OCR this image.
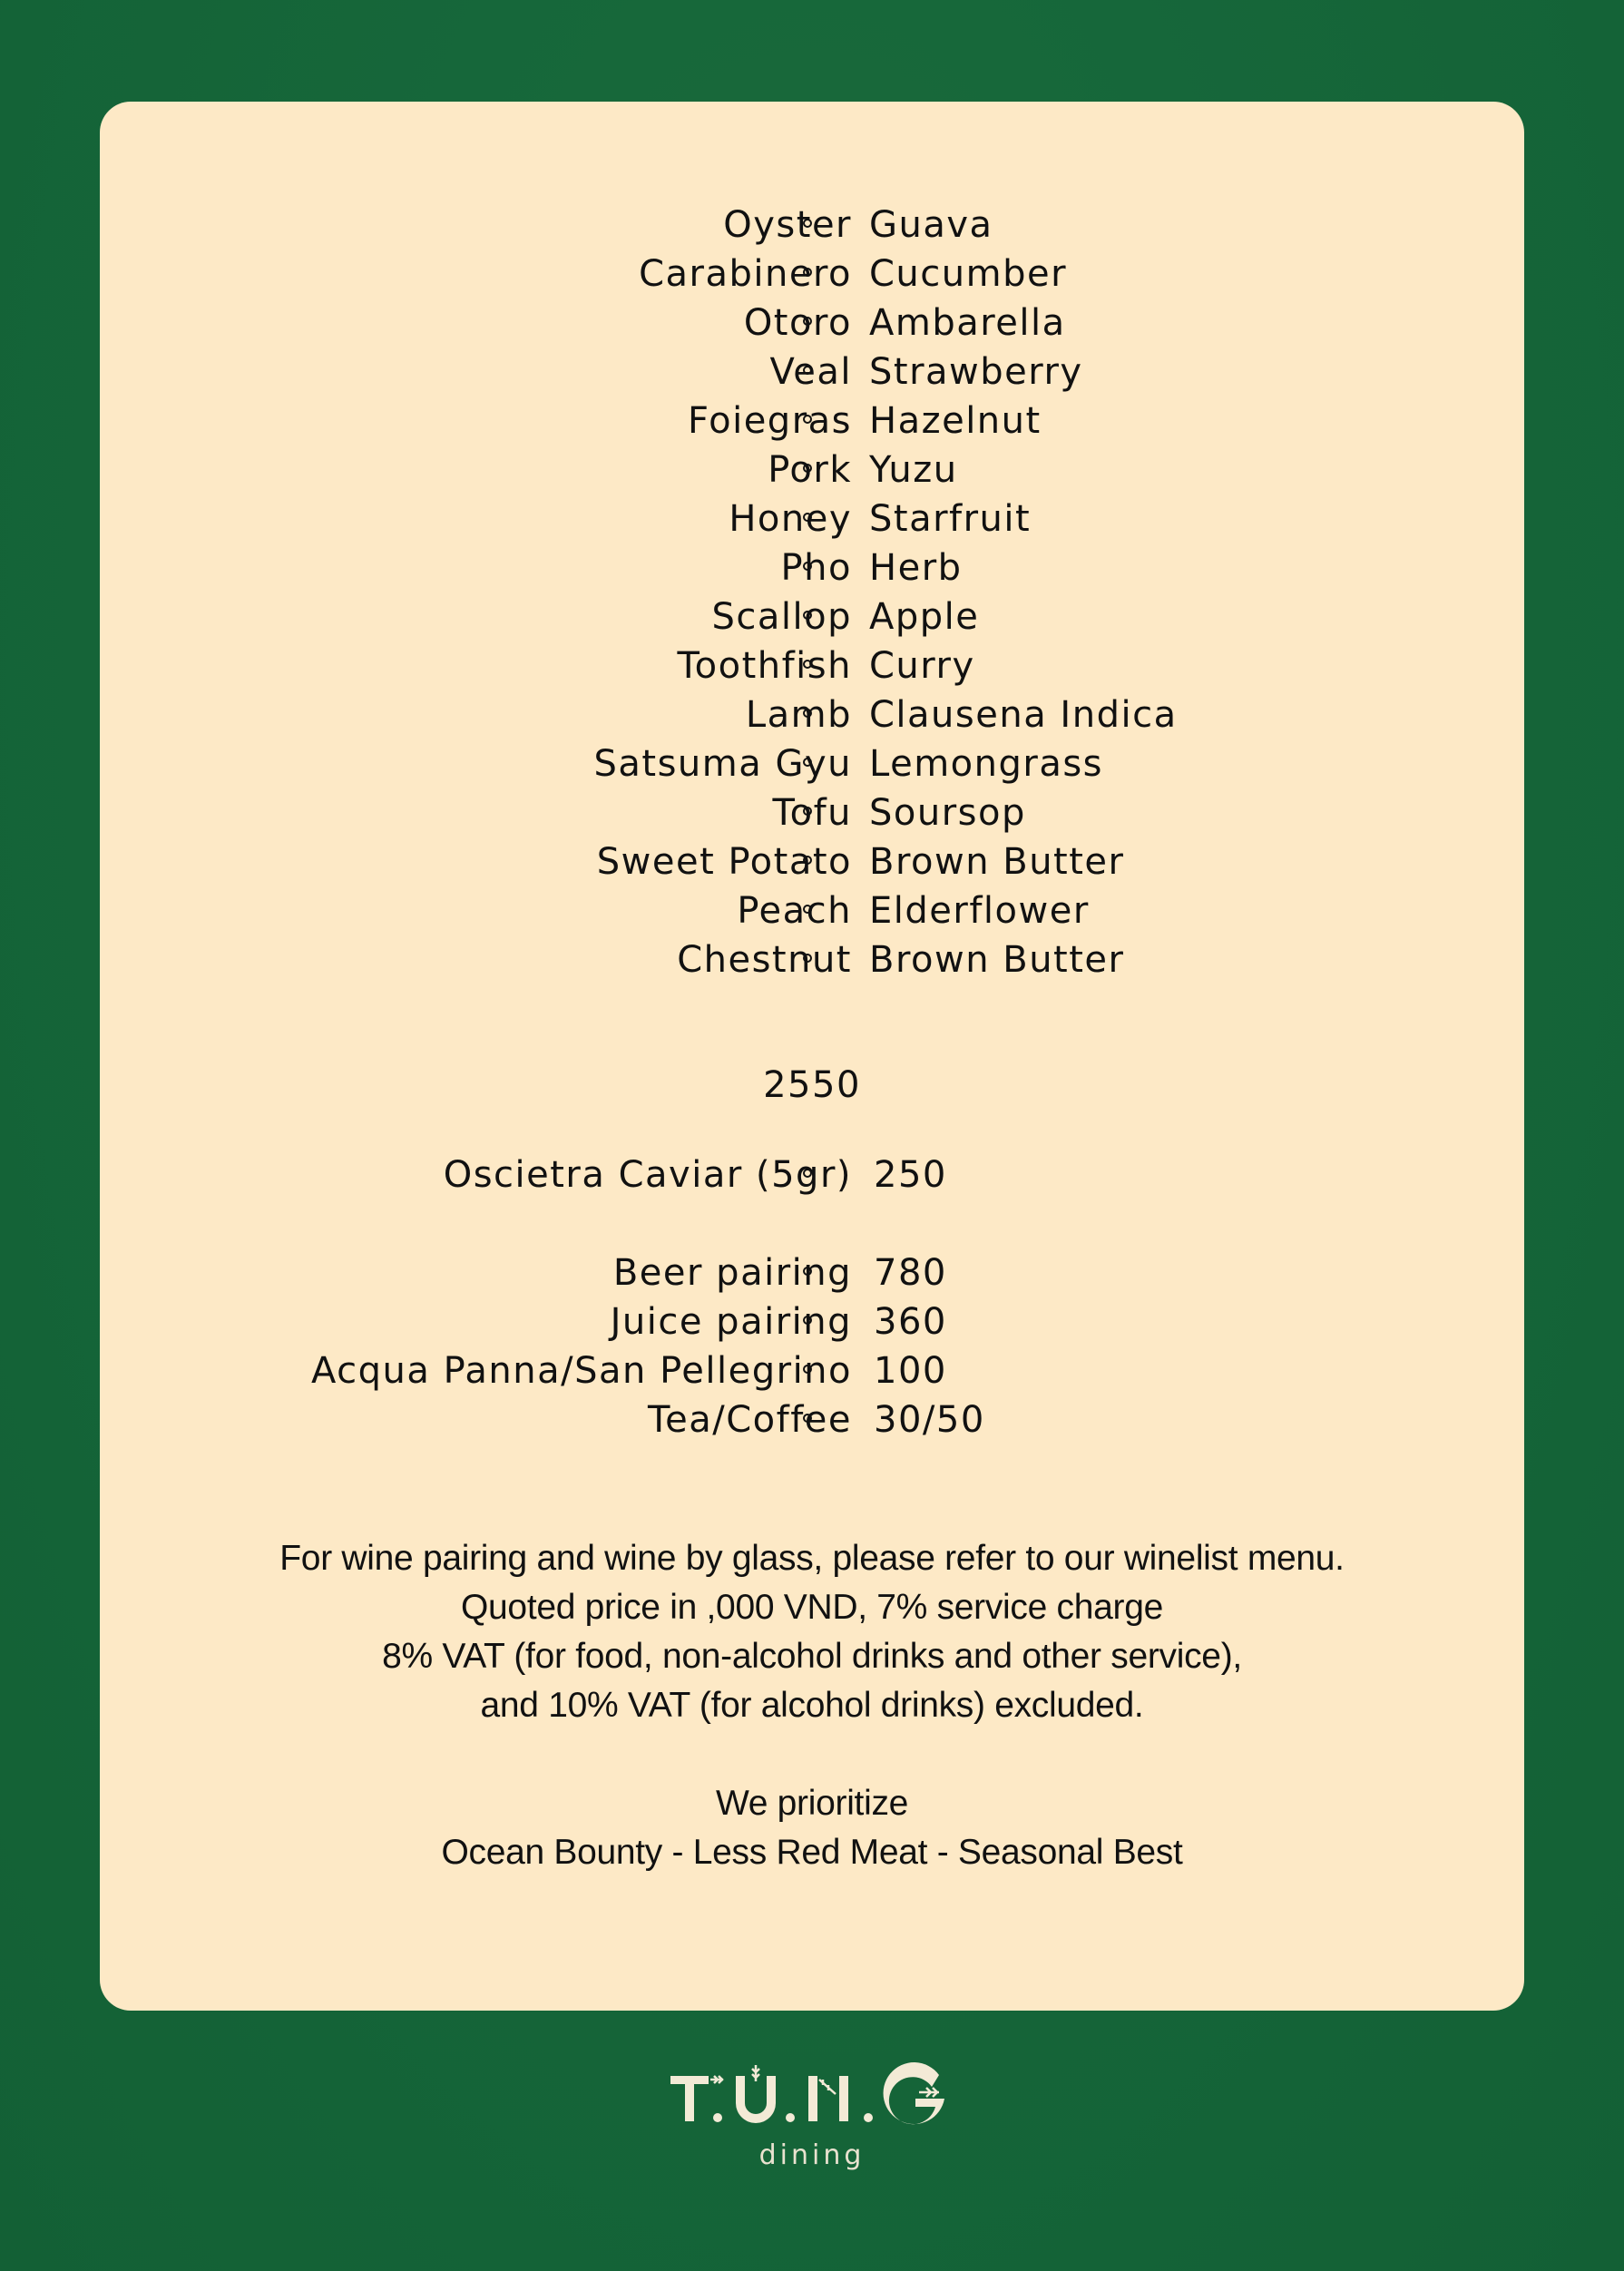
Oyster Guava
Carabinero Cucumber
Otoro Ambarella
Veal Strawberry
Foiegras Hazelnut
Pork Yuzu
Honey Starfruit
Pho Herb
Scallop Apple
Toothfish Curry
Lamb Clausena Indica
Satsuma Gyu Lemongrass
Tofu Soursop
Sweet Potato Brown Butter
Peach Elderflower
Chestnut Brown Butter
2550
Oscietra Caviar (5gr) 250
Beer pairing 780
Juice pairing 360
Acqua Panna/San Pellegrino 100
Tea/Coffee 30/50
For wine pairing and wine by glass, please refer to our winelist menu.
Quoted price in ,000 VND, 7% service charge
8% VAT (for food, non-alcohol drinks and other service),
and 10% VAT (for alcohol drinks) excluded.
We prioritize
Ocean Bounty - Less Red Meat - Seasonal Best
dining
